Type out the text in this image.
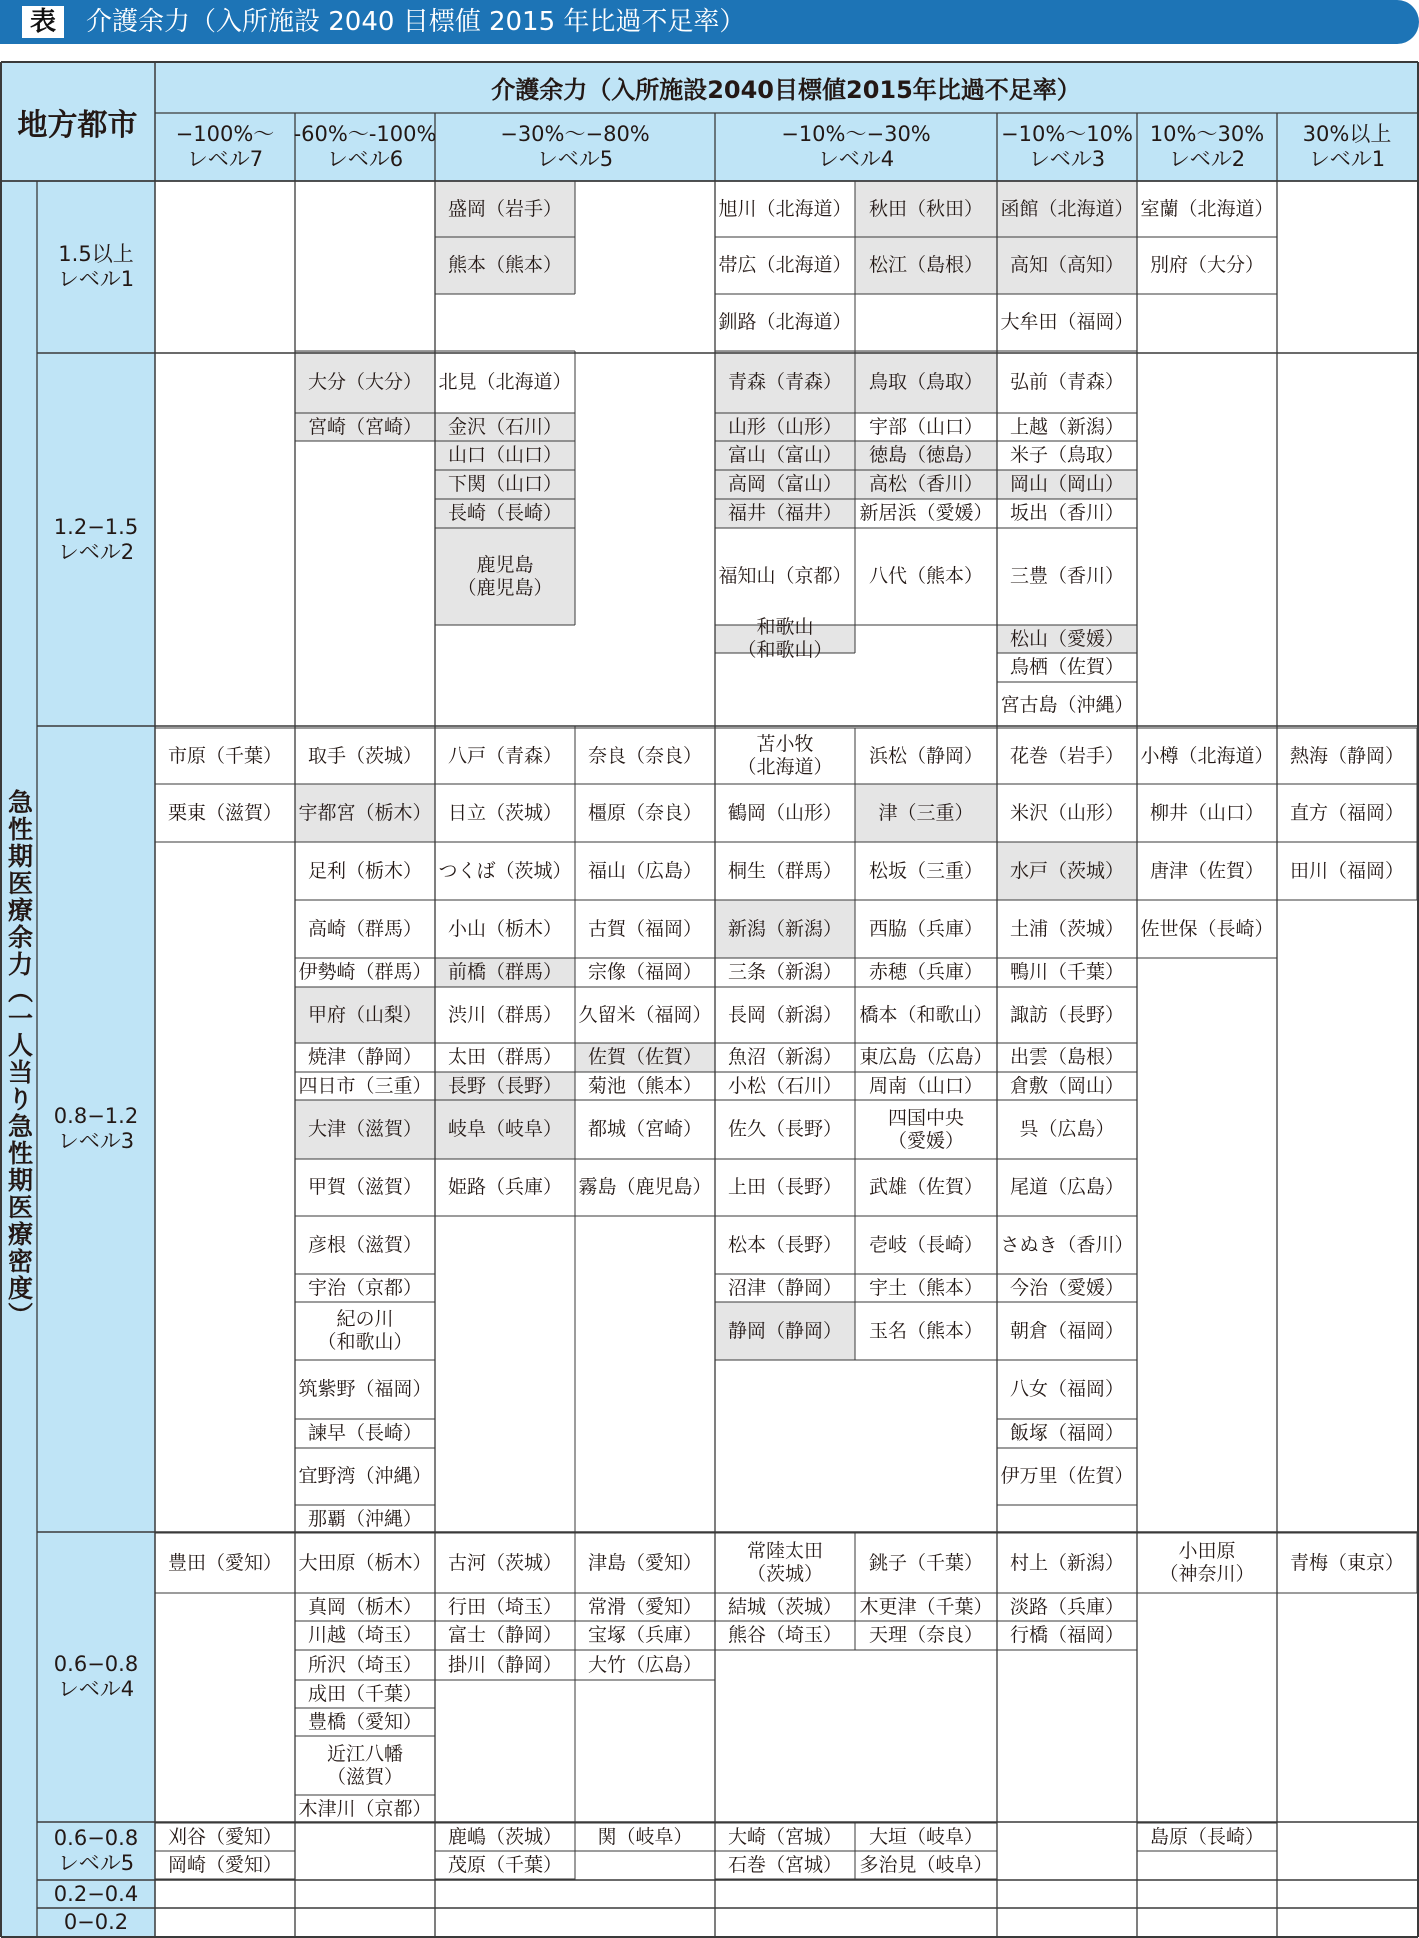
表	介護余力（入所施設 2040 目標値 2015 年比過不足率）
盛岡（岩手）
熊本（熊本）
旭川（北海道）
帯広（北海道）
釧路（北海道）
秋田（秋田）
松江（島根）
函館（北海道）
高知（高知）
大牟田（福岡）
室蘭（北海道）
別府（大分）
大分（大分）
宮崎（宮崎）
北見（北海道）
金沢（石川）
山口（山口）
下関（山口）
長崎（長崎）
鹿児島
（鹿児島）
青森（青森）
山形（山形）
富山（富山）
高岡（富山）
福井（福井）
福知山（京都）
和歌山
（和歌山）
鳥取（鳥取）
宇部（山口）
徳島（徳島）
高松（香川）
新居浜（愛媛）
八代（熊本）
弘前（青森）
上越（新潟）
米子（鳥取）
岡山（岡山）
坂出（香川）
三豊（香川）
松山（愛媛）
鳥栖（佐賀）
宮古島（沖縄）
市原（千葉）
栗東（滋賀）
取手（茨城）
宇都宮（栃木）
足利（栃木）
高崎（群馬）
伊勢崎（群馬）
甲府（山梨）
焼津（静岡）
四日市（三重）
大津（滋賀）
甲賀（滋賀）
彦根（滋賀）
宇治（京都）
紀の川
（和歌山）
筑紫野（福岡）
諫早（長崎）
宜野湾（沖縄）
那覇（沖縄）
八戸（青森）
日立（茨城）
つくば（茨城）
小山（栃木）
前橋（群馬）
渋川（群馬）
太田（群馬）
長野（長野）
岐阜（岐阜）
姫路（兵庫）
奈良（奈良）
橿原（奈良）
福山（広島）
古賀（福岡）
宗像（福岡）
久留米（福岡）
佐賀（佐賀）
菊池（熊本）
都城（宮崎）
霧島（鹿児島）
苫小牧
（北海道）
鶴岡（山形）
桐生（群馬）
新潟（新潟）
三条（新潟）
長岡（新潟）
魚沼（新潟）
小松（石川）
佐久（長野）
上田（長野）
松本（長野）
沼津（静岡）
静岡（静岡）
浜松（静岡）
津（三重）
松坂（三重）
西脇（兵庫）
赤穂（兵庫）
橋本（和歌山）
東広島（広島）
周南（山口）
四国中央
（愛媛）
武雄（佐賀）
壱岐（長崎）
宇土（熊本）
玉名（熊本）
花巻（岩手）
米沢（山形）
水戸（茨城）
土浦（茨城）
鴨川（千葉）
諏訪（長野）
出雲（島根）
倉敷（岡山）
呉（広島）
尾道（広島）
さぬき（香川）
今治（愛媛）
朝倉（福岡）
八女（福岡）
飯塚（福岡）
伊万里（佐賀）
小樽（北海道）
柳井（山口）
唐津（佐賀）
佐世保（長崎）
熱海（静岡）
直方（福岡）
田川（福岡）
豊田（愛知） 大田原（栃木）
真岡（栃木）
川越（埼玉）
所沢（埼玉）
成田（千葉）
豊橋（愛知）
近江八幡
（滋賀）
木津川（京都）
古河（茨城）
行田（埼玉）
富士（静岡）
掛川（静岡）
津島（愛知）
常滑（愛知）
宝塚（兵庫）
大竹（広島）
常陸太田
（茨城）
結城（茨城）
熊谷（埼玉）
銚子（千葉）
木更津（千葉）
天理（奈良）
村上（新潟）
淡路（兵庫）
行橋（福岡）
小田原
（神奈川）
青梅（東京）
刈谷（愛知）
岡崎（愛知）
鹿嶋（茨城）
茂原（千葉）
関（岐阜）	大崎（宮城）
石巻（宮城）
大垣（岐阜）
多治見（岐阜）
島原（長崎）
地方都市
介護余力（入所施設2040目標値2015年比過不足率）
−100%〜
レベル7
-60%〜-100%
レベル6
−30%〜−80%
レベル5
−10%〜−30%
レベル4
−10%〜10%
レベル3
10%〜30%
レベル2
30%以上
レベル1
急性期医療余力（一人当り急性期医療密度）
1.5以上
レベル1
1.2−1.5
レベル2
0.8−1.2
レベル3
0.6−0.8
レベル4
0.6−0.8
レベル5
0.2−0.4
0−0.2
